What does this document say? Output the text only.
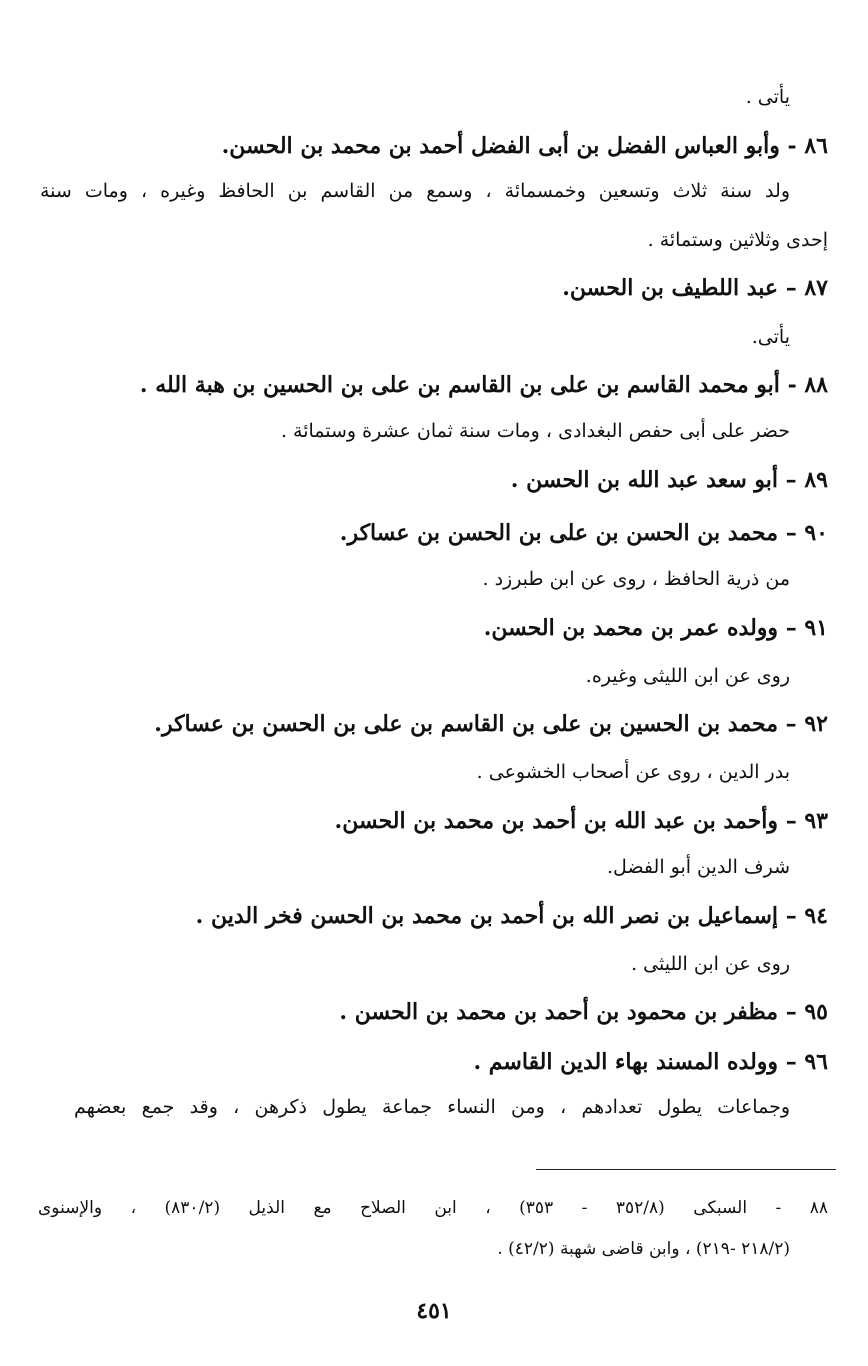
يأتى .
٨٦ - وأبو العباس الفضل بن أبى الفضل أحمد بن محمد بن الحسن.
ولد سنة ثلاث وتسعين وخمسمائة ، وسمع من القاسم بن الحافظ وغيره ، ومات سنة
إحدى وثلاثين وستمائة .
٨٧ – عبد اللطيف بن الحسن.
يأتى.
٨٨ - أبو محمد القاسم بن على بن القاسم بن على بن الحسين بن هبة الله .
حضر على أبى حفص البغدادى ، ومات سنة ثمان عشرة وستمائة .
٨٩ – أبو سعد عبد الله بن الحسن .
٩٠ – محمد بن الحسن بن على بن الحسن بن عساكر.
من ذرية الحافظ ، روى عن ابن طبرزد .
٩١ – وولده عمر بن محمد بن الحسن.
روى عن ابن الليثى وغيره.
٩٢ – محمد بن الحسين بن على بن القاسم بن على بن الحسن بن عساكر.
بدر الدين ، روى عن أصحاب الخشوعى .
٩٣ – وأحمد بن عبد الله بن أحمد بن محمد بن الحسن.
شرف الدين أبو الفضل.
٩٤ – إسماعيل بن نصر الله بن أحمد بن محمد بن الحسن فخر الدين .
روى عن ابن الليثى .
٩٥ – مظفر بن محمود بن أحمد بن محمد بن الحسن .
٩٦ – وولده المسند بهاء الدين القاسم .
وجماعات يطول تعدادهم ، ومن النساء جماعة يطول ذكرهن ، وقد جمع بعضهم
٨٨ - السبكى (٣٥٢/٨ - ٣٥٣) ، ابن الصلاح مع الذيل (٨٣٠/٢) ، والإسنوى
(٢١٨/٢ -٢١٩) ، وابن قاضى شهبة (٤٢/٢) .
٤٥١
